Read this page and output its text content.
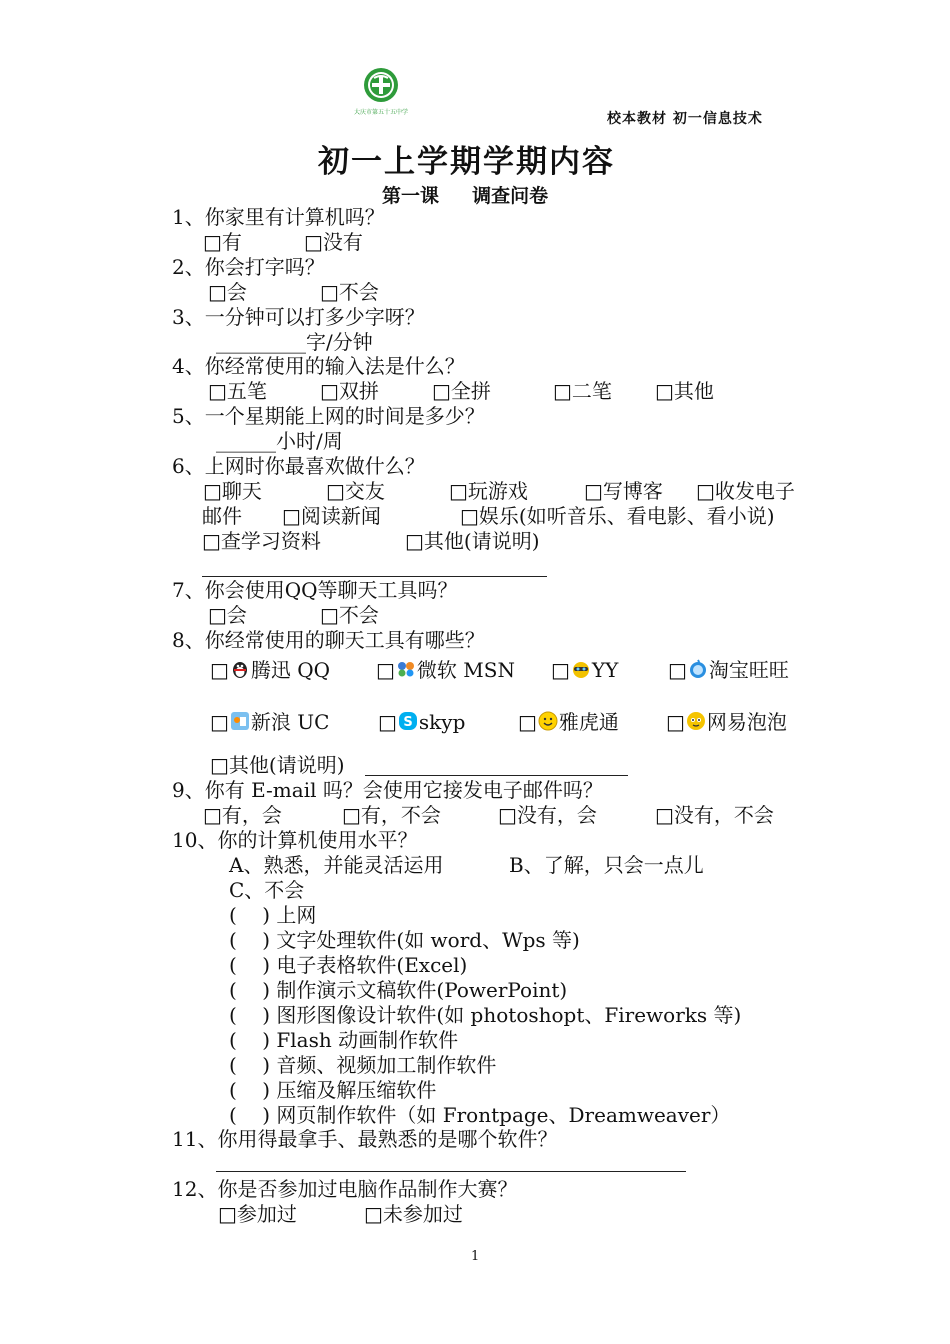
大庆市第五十五中学	校本教材 初一信息技术
初一上学期学期内容
第一课     调查问卷
1、你家里有计算机吗？
□有	□没有
2、你会打字吗？
□会	□不会
3、一分钟可以打多少字呀？
_________字/分钟
4、你经常使用的输入法是什么？
□五笔	□双拼	□全拼	□二笔 □其他
5、一个星期能上网的时间是多少？
______小时/周
6、上网时你最喜欢做什么？
□聊天	□交友	□玩游戏	□写博客 □收发电子
邮件 □阅读新闻	□娱乐(如听音乐、看电影、看小说)
□查学习资料	□其他(请说明)
7、你会使用QQ等聊天工具吗？
□会	□不会
8、你经常使用的聊天工具有哪些？
□ 腾迅 QQ □ 微软 MSN □ YY □ 淘宝旺旺
□ 新浪 UC □ S skyp	□ 雅虎通 □ 网易泡泡
□其他(请说明)
9、你有 E-mail 吗？会使用它接发电子邮件吗？
□有，会	□有，不会	□没有，会	□没有，不会
10、你的计算机使用水平？
A、熟悉，并能灵活运用	B、了解，只会一点儿
C、不会
(    ) 上网
(    ) 文字处理软件(如 word、Wps 等)
(    ) 电子表格软件(Excel)
(    ) 制作演示文稿软件(PowerPoint)
(    ) 图形图像设计软件(如 photoshopt、Fireworks 等)
(    ) Flash 动画制作软件
(    ) 音频、视频加工制作软件
(    ) 压缩及解压缩软件
(    ) 网页制作软件（如 Frontpage、Dreamweaver）
11、你用得最拿手、最熟悉的是哪个软件？
12、你是否参加过电脑作品制作大赛？
□参加过	□未参加过
1
